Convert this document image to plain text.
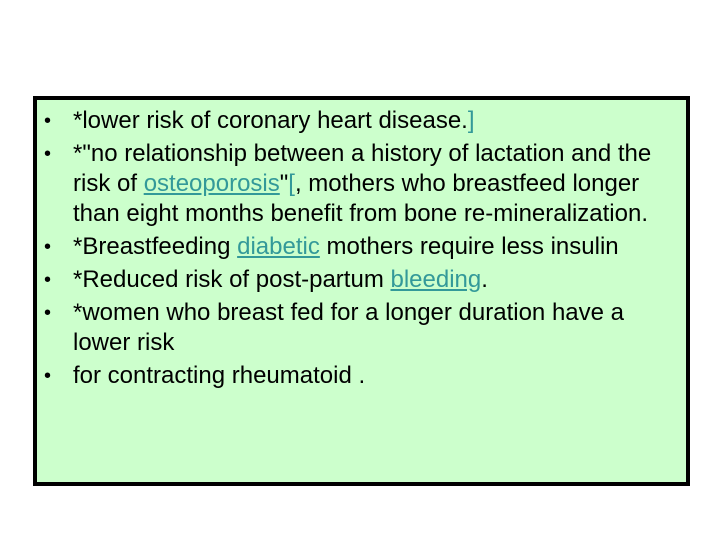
• *lower risk of coronary heart disease.]
• *"no relationship between a history of lactation and the risk of osteoporosis"[, mothers who breastfeed longer than eight months benefit from bone re-mineralization.
• *Breastfeeding diabetic mothers require less insulin
• *Reduced risk of post-partum bleeding.
• *women who breast fed for a longer duration have a lower risk
• for contracting rheumatoid .
